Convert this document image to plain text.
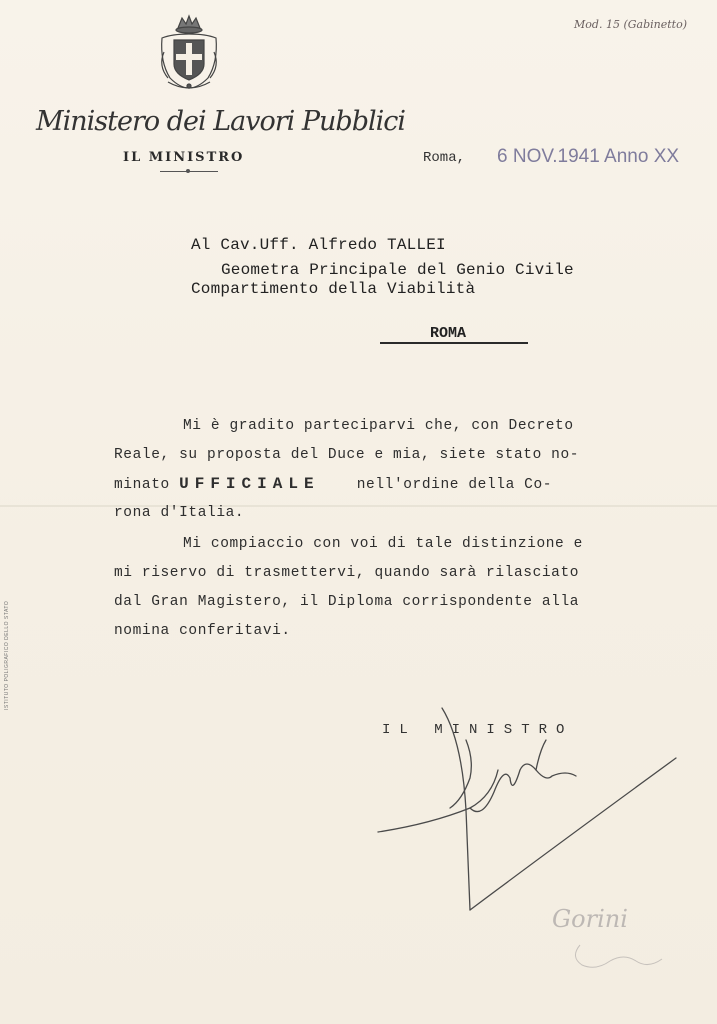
Mod. 15 (Gabinetto)
Ministero dei Lavori Pubblici
IL MINISTRO	Roma, 6 NOV.1941 Anno XX
Al Cav.Uff. Alfredo TALLEI
Geometra Principale del Genio Civile
Compartimento della Viabilità
ROMA
Mi è gradito parteciparvi che, con Decreto
Reale, su proposta del Duce e mia, siete stato no-
minato UFFICIALE    nell'ordine della Co-
rona d'Italia.
Mi compiaccio con voi di tale distinzione e
mi riservo di trasmettervi, quando sarà rilasciato
dal Gran Magistero, il Diploma corrispondente alla
nomina conferitavi.
ISTITUTO POLIGRAFICO DELLO STATO
IL MINISTRO
Gorini
